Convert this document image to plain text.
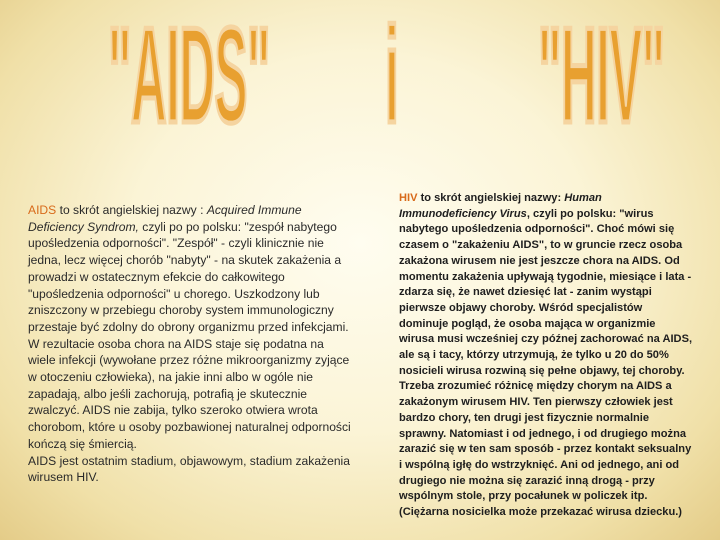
"AIDS" i "HIV"
AIDS to skrót angielskiej nazwy : Acquired Immune Deficiency Syndrom, czyli po po polsku: "zespół nabytego upośledzenia odporności". "Zespół" - czyli klinicznie nie jedna, lecz więcej chorób "nabyty" - na skutek zakażenia a prowadzi w ostatecznym efekcie do całkowitego "upośledzenia odporności" u chorego. Uszkodzony lub zniszczony w przebiegu choroby system immunologiczny przestaje być zdolny do obrony organizmu przed infekcjami. W rezultacie osoba chora na AIDS staje się podatna na wiele infekcji (wywołane przez różne mikroorganizmy zyjące w otoczeniu człowieka), na jakie inni albo w ogóle nie zapadają, albo jeśli zachorują, potrafią je skutecznie zwalczyć. AIDS nie zabija, tylko szeroko otwiera wrota chorobom, które u osoby pozbawionej naturalnej odporności kończą się śmiercią.
AIDS jest ostatnim stadium, objawowym, stadium zakażenia wirusem HIV.
HIV to skrót angielskiej nazwy: Human Immunodeficiency Virus, czyli po polsku: "wirus nabytego upośledzenia odporności". Choć mówi się czasem o "zakażeniu AIDS", to w gruncie rzecz osoba zakażona wirusem nie jest jeszcze chora na AIDS. Od momentu zakażenia upływają tygodnie, miesiące i lata - zdarza się, że nawet dziesięć lat - zanim wystąpi pierwsze objawy choroby. Wśród specjalistów dominuje pogląd, że osoba mająca w organizmie wirusa musi wcześniej czy późnej zachorować na AIDS, ale są i tacy, którzy utrzymują, że tylko u 20 do 50% nosicieli wirusa rozwiną się pełne objawy, tej choroby.
Trzeba zrozumieć różnicę między chorym na AIDS a zakażonym wirusem HIV. Ten pierwszy człowiek jest bardzo chory, ten drugi jest fizycznie normalnie sprawny. Natomiast i od jednego, i od drugiego można zarazić się w ten sam sposób - przez kontakt seksualny i wspólną igłę do wstrzyknięć. Ani od jednego, ani od drugiego nie można się zarazić inną drogą - przy wspólnym stole, przy pocałunek w policzek itp. (Ciężarna nosicielka może przekazać wirusa dziecku.)
